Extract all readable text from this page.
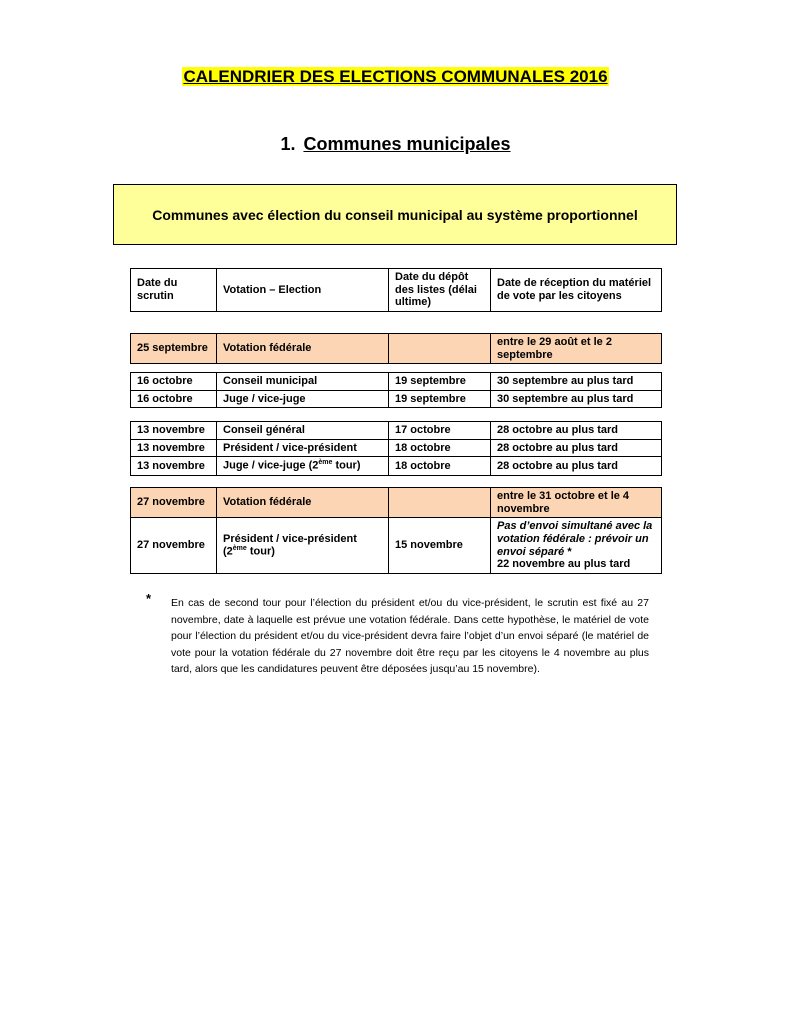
CALENDRIER DES ELECTIONS COMMUNALES 2016
1. Communes municipales
Communes avec élection du conseil municipal au système proportionnel
Date du scrutin	Votation – Election	Date du dépôt des listes (délai ultime)	Date de réception du matériel de vote par les citoyens
25 septembre	Votation fédérale		entre le 29 août et le 2 septembre
16 octobre	Conseil municipal	19 septembre	30 septembre au plus tard
16 octobre	Juge / vice-juge	19 septembre	30 septembre au plus tard
13 novembre	Conseil général	17 octobre	28 octobre au plus tard
13 novembre	Président / vice-président	18 octobre	28 octobre au plus tard
13 novembre	Juge / vice-juge (2ème tour)	18 octobre	28 octobre au plus tard
27 novembre	Votation fédérale		entre le 31 octobre et le 4 novembre
27 novembre	Président / vice-président (2ème tour)	15 novembre	Pas d’envoi simultané avec la votation fédérale : prévoir un envoi séparé *
22 novembre au plus tard
* En cas de second tour pour l’élection du président et/ou du vice-président, le scrutin est fixé au 27 novembre, date à laquelle est prévue une votation fédérale. Dans cette hypothèse, le matériel de vote pour l’élection du président et/ou du vice-président devra faire l’objet d’un envoi séparé (le matériel de vote pour la votation fédérale du 27 novembre doit être reçu par les citoyens le 4 novembre au plus tard, alors que les candidatures peuvent être déposées jusqu’au 15 novembre).
